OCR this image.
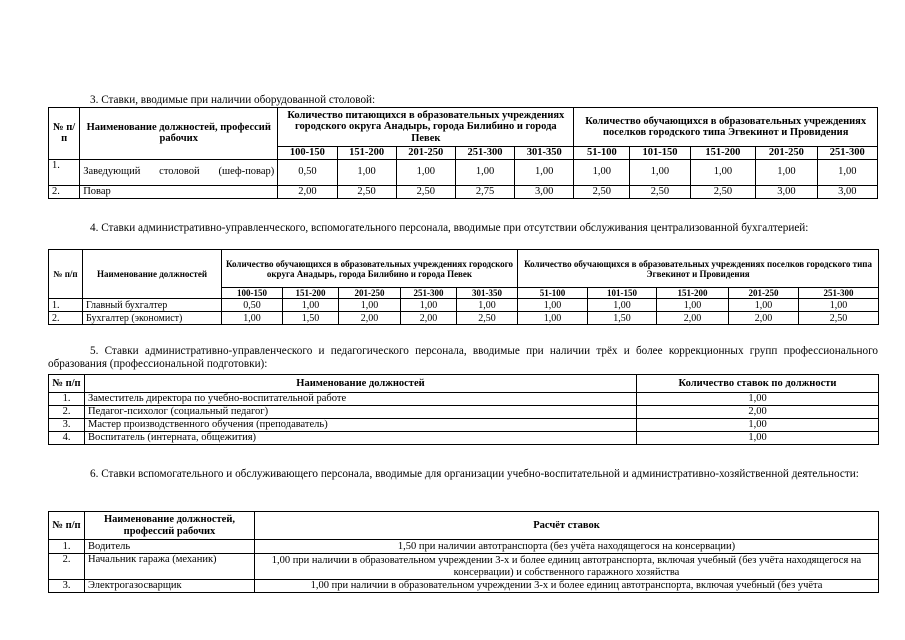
3. Ставки, вводимые при наличии оборудованной столовой:

№ п/п	Наименование должностей, профессий рабочих	Количество питающихся в образовательных учреждениях городского округа Анадырь, города Билибино и города Певек					Количество обучающихся в образовательных учреждениях поселков городского типа Эгвекинот и Провидения				
		100-150	151-200	201-250	251-300	301-350	51-100	101-150	151-200	201-250	251-300
1.	Заведующий столовой (шеф-повар)	0,50	1,00	1,00	1,00	1,00	1,00	1,00	1,00	1,00	1,00
2.	Повар	2,00	2,50	2,50	2,75	3,00	2,50	2,50	2,50	3,00	3,00

4. Ставки административно-управленческого, вспомогательного персонала, вводимые при отсутствии обслуживания централизованной бухгалтерией:

№ п/п	Наименование должностей	Количество обучающихся в образовательных учреждениях городского округа Анадырь, города Билибино и города Певек					Количество обучающихся в образовательных учреждениях поселков городского типа Эгвекинот и Провидения				
		100-150	151-200	201-250	251-300	301-350	51-100	101-150	151-200	201-250	251-300
1.	Главный бухгалтер	0,50	1,00	1,00	1,00	1,00	1,00	1,00	1,00	1,00	1,00
2.	Бухгалтер (экономист)	1,00	1,50	2,00	2,00	2,50	1,00	1,50	2,00	2,00	2,50

5. Ставки административно-управленческого и педагогического персонала, вводимые при наличии трёх и более коррекционных групп профессионального образования (профессиональной подготовки):

№ п/п	Наименование должностей	Количество ставок по должности
1.	Заместитель директора по учебно-воспитательной работе	1,00
2.	Педагог-психолог (социальный педагог)	2,00
3.	Мастер производственного обучения (преподаватель)	1,00
4.	Воспитатель (интерната, общежития)	1,00

6. Ставки вспомогательного и обслуживающего персонала, вводимые для организации учебно-воспитательной и административно-хозяйственной деятельности:

№ п/п	Наименование должностей, профессий рабочих	Расчёт ставок
1.	Водитель	1,50 при наличии автотранспорта (без учёта находящегося на консервации)
2.	Начальник гаража (механик)	1,00 при наличии в образовательном учреждении 3-х и более единиц автотранспорта, включая учебный (без учёта находящегося на консервации) и собственного гаражного хозяйства
3.	Электрогазосварщик	1,00 при наличии в образовательном учреждении 3-х и более единиц автотранспорта, включая учебный (без учёта
